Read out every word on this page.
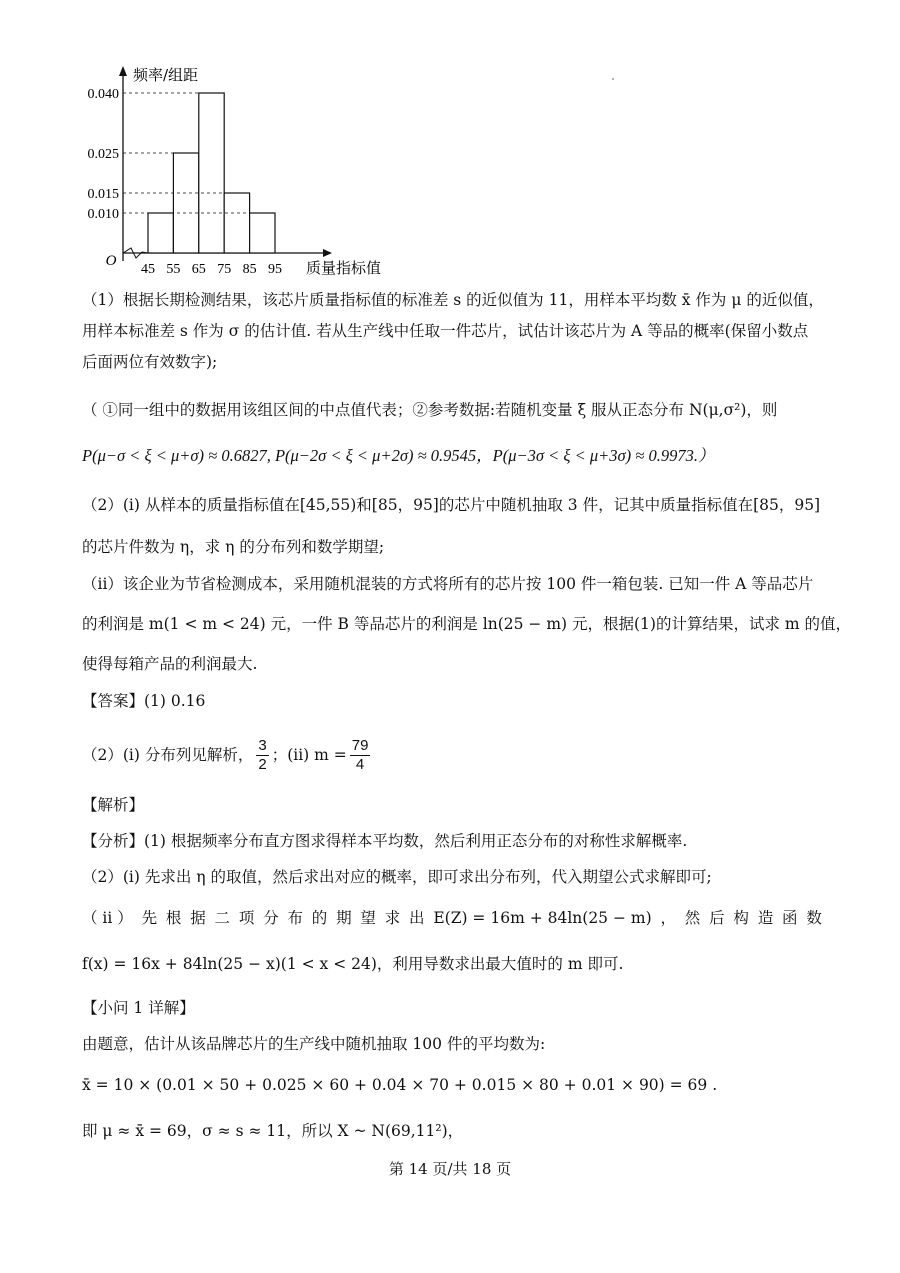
0.040
0.025
0.015
0.010
45 55 65 75 85 95
O
频率/组距
质量指标值
（1）根据长期检测结果，该芯片质量指标值的标准差 s 的近似值为 11，用样本平均数 x̄ 作为 μ 的近似值，
用样本标准差 s 作为 σ 的估计值. 若从生产线中任取一件芯片，试估计该芯片为 A 等品的概率(保留小数点
后面两位有效数字);
（ ①同一组中的数据用该组区间的中点值代表；②参考数据:若随机变量 ξ 服从正态分布 N(μ,σ²)，则
P(μ−σ < ξ < μ+σ) ≈ 0.6827, P(μ−2σ < ξ < μ+2σ) ≈ 0.9545，P(μ−3σ < ξ < μ+3σ) ≈ 0.9973.）
（2）(i) 从样本的质量指标值在[45,55)和[85，95]的芯片中随机抽取 3 件，记其中质量指标值在[85，95]
的芯片件数为 η，求 η 的分布列和数学期望;
（ii）该企业为节省检测成本，采用随机混装的方式将所有的芯片按 100 件一箱包装. 已知一件 A 等品芯片
的利润是 m(1 < m < 24) 元，一件 B 等品芯片的利润是 ln(25 − m) 元，根据(1)的计算结果，试求 m 的值，
使得每箱产品的利润最大.
【答案】(1) 0.16
（2）(i) 分布列见解析， $\frac{3}{2}$ ；(ii) $m = \frac{79}{4}$
【解析】
【分析】(1) 根据频率分布直方图求得样本平均数，然后利用正态分布的对称性求解概率.
（2）(i) 先求出 η 的取值，然后求出对应的概率，即可求出分布列，代入期望公式求解即可;
（ ii ） 先 根 据 二 项 分 布 的 期 望 求 出 E(Z) = 16m + 84ln(25 − m) ， 然 后 构 造 函 数
f(x) = 16x + 84ln(25 − x)(1 < x < 24)，利用导数求出最大值时的 m 即可.
【小问 1 详解】
由题意，估计从该品牌芯片的生产线中随机抽取 100 件的平均数为:
x̄ = 10 × (0.01 × 50 + 0.025 × 60 + 0.04 × 70 + 0.015 × 80 + 0.01 × 90) = 69 .
即 μ ≈ x̄ = 69，σ ≈ s ≈ 11，所以 X ~ N(69,11²)，
第 14 页/共 18 页
